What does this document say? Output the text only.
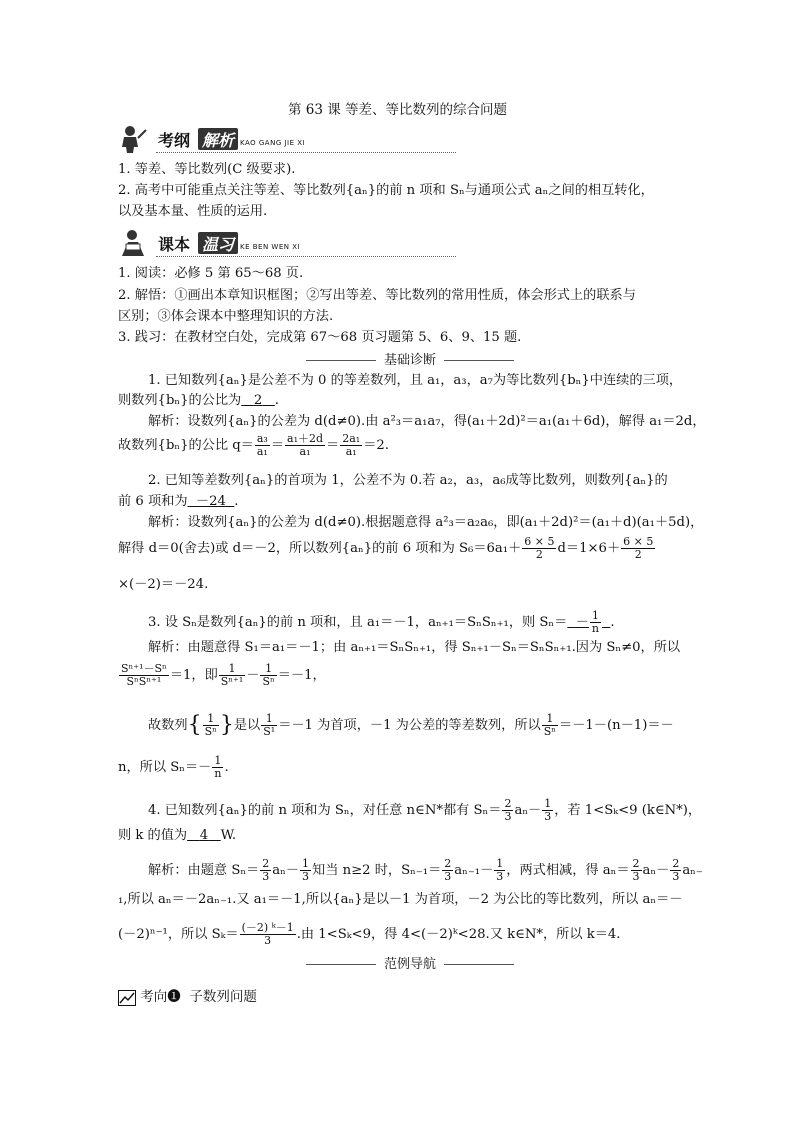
第 63 课 等差、等比数列的综合问题
考纲 解析 KAO GANG JIE XI
1. 等差、等比数列(C 级要求).
2. 高考中可能重点关注等差、等比数列{aₙ}的前 n 项和 Sₙ与通项公式 aₙ之间的相互转化，
以及基本量、性质的运用.
课本 温习 KE BEN WEN XI
1. 阅读：必修 5 第 65～68 页.
2. 解悟：①画出本章知识框图；②写出等差、等比数列的常用性质，体会形式上的联系与
区别；③体会课本中整理知识的方法.
3. 践习：在教材空白处，完成第 67～68 页习题第 5、6、9、15 题.
基础诊断
1. 已知数列{aₙ}是公差不为 0 的等差数列，且 a₁，a₃，a₇为等比数列{bₙ}中连续的三项，
则数列{bₙ}的公比为 2 .
解析：设数列{aₙ}的公差为 d(d≠0).由 a²₃＝a₁a₇，得(a₁＋2d)²＝a₁(a₁＋6d)，解得 a₁＝2d，
故数列{bₙ}的公比 $q= \frac{\text{a₃}}{\text{a₁}} = \frac{\text{a₁＋2d}}{\text{a₁}} = \frac{\text{2a₁}}{\text{a₁}} =2$.
2. 已知等差数列{aₙ}的首项为 1，公差不为 0.若 a₂，a₃，a₆成等比数列，则数列{aₙ}的
前 6 项和为 －24 .
解析：设数列{aₙ}的公差为 d(d≠0).根据题意得 a²₃＝a₂a₆，即(a₁＋2d)²＝(a₁＋d)(a₁＋5d)，
解得 d＝0(舍去)或 d＝－2，所以数列{aₙ}的前 6 项和为 $S_6=6a_1+ \frac{6 \times 5}{2} d=1\times 6+ \frac{6 \times 5}{2}$
×(－2)＝－24.
3. 设 Sₙ是数列{aₙ}的前 n 项和，且 a₁＝－1，aₙ₊₁＝SₙSₙ₊₁，则 $S_n= - \frac{1}{n}$ .
解析：由题意得 S₁＝a₁＝－1；由 aₙ₊₁＝SₙSₙ₊₁，得 Sₙ₊₁－Sₙ＝SₙSₙ₊₁.因为 Sₙ≠0，所以
$\frac{\text{Sⁿ⁺¹－Sⁿ}}{\text{SⁿSⁿ⁺¹}} =1$，即 $\frac{1}{\text{Sⁿ⁺¹}} - \frac{1}{\text{Sⁿ}} =-1$，
故数列{ $\frac{1}{\text{Sⁿ}}$ }是以 $\frac{1}{\text{S¹}} =-1$ 为首项，－1 为公差的等差数列，所以 $\frac{1}{\text{Sⁿ}} =-1-(n-1)=-$
n，所以 $S_n=- \frac{1}{n}$ .
4. 已知数列{aₙ}的前 n 项和为 Sₙ，对任意 n∈N*都有 $S_n= \frac{2}{3} a_n- \frac{1}{3}$ ，若 1<Sₖ<9 (k∈N*)，
则 k 的值为 4 W.
解析：由题意 $S_n= \frac{2}{3} a_n- \frac{1}{3}$ 知当 n≥2 时，$S_{n-1}= \frac{2}{3} a_{n-1}- \frac{1}{3}$ ，两式相减，得 $a_n= \frac{2}{3} a_n- \frac{2}{3} a_{n-}$
₁,所以 aₙ＝－2aₙ₋₁.又 a₁＝－1,所以{aₙ}是以－1 为首项，－2 为公比的等比数列，所以 aₙ＝－
(－2)ⁿ⁻¹，所以 $S_k= \frac{\text{(－2) ᵏ－1}}{3}$ .由 1<Sₖ<9，得 4<(－2)ᵏ<28.又 k∈N*，所以 k＝4.
范例导航
考向❶ 子数列问题
